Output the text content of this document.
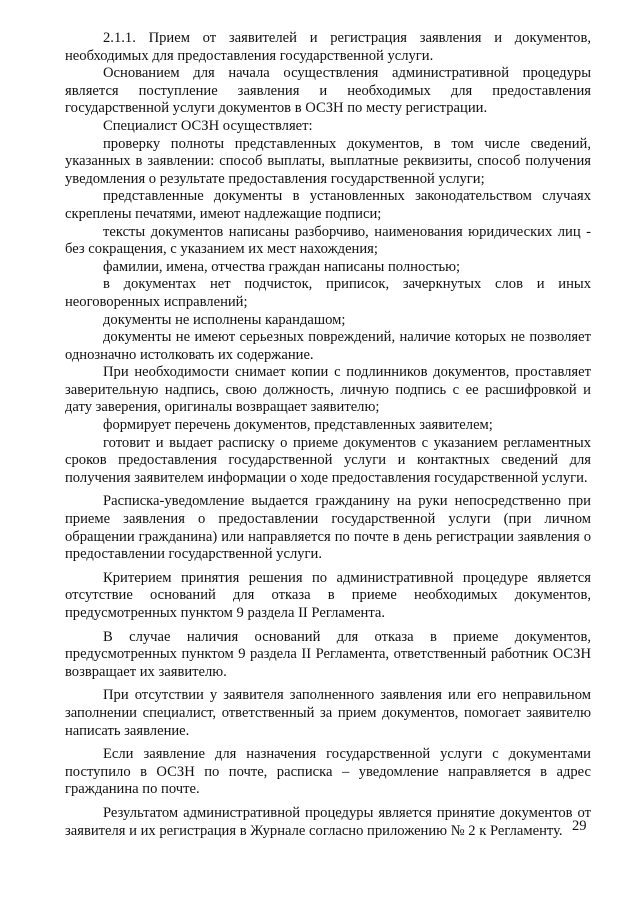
2.1.1. Прием от заявителей и регистрация заявления и документов, необходимых для предоставления государственной услуги.

Основанием для начала осуществления административной процедуры является поступление заявления и необходимых для предоставления государственной услуги документов в ОСЗН по месту регистрации.

Специалист ОСЗН осуществляет:

проверку полноты представленных документов, в том числе сведений, указанных в заявлении: способ выплаты, выплатные реквизиты, способ получения уведомления о результате предоставления государственной услуги;

представленные документы в установленных законодательством случаях скреплены печатями, имеют надлежащие подписи;

тексты документов написаны разборчиво, наименования юридических лиц - без сокращения, с указанием их мест нахождения;

фамилии, имена, отчества граждан написаны полностью;

в документах нет подчисток, приписок, зачеркнутых слов и иных неоговоренных исправлений;

документы не исполнены карандашом;

документы не имеют серьезных повреждений, наличие которых не позволяет однозначно истолковать их содержание.

При необходимости снимает копии с подлинников документов, проставляет заверительную надпись, свою должность, личную подпись с ее расшифровкой и дату заверения, оригиналы возвращает заявителю;

формирует перечень документов, представленных заявителем;

готовит и выдает расписку о приеме документов с указанием регламентных сроков предоставления государственной услуги и контактных сведений для получения заявителем информации о ходе предоставления государственной услуги.

Расписка-уведомление выдается гражданину на руки непосредственно при приеме заявления о предоставлении государственной услуги (при личном обращении гражданина) или направляется по почте в день регистрации заявления о предоставлении государственной услуги.

Критерием принятия решения по административной процедуре является отсутствие оснований для отказа в приеме необходимых документов, предусмотренных пунктом 9 раздела II Регламента.

В случае наличия оснований для отказа в приеме документов, предусмотренных пунктом 9 раздела II Регламента, ответственный работник ОСЗН возвращает их заявителю.

При отсутствии у заявителя заполненного заявления или его неправильном заполнении специалист, ответственный за прием документов, помогает заявителю написать заявление.

Если заявление для назначения государственной услуги с документами поступило в ОСЗН по почте, расписка – уведомление направляется в адрес гражданина по почте.

Результатом административной процедуры является принятие документов от заявителя и их регистрация в Журнале согласно приложению № 2 к Регламенту. 29
